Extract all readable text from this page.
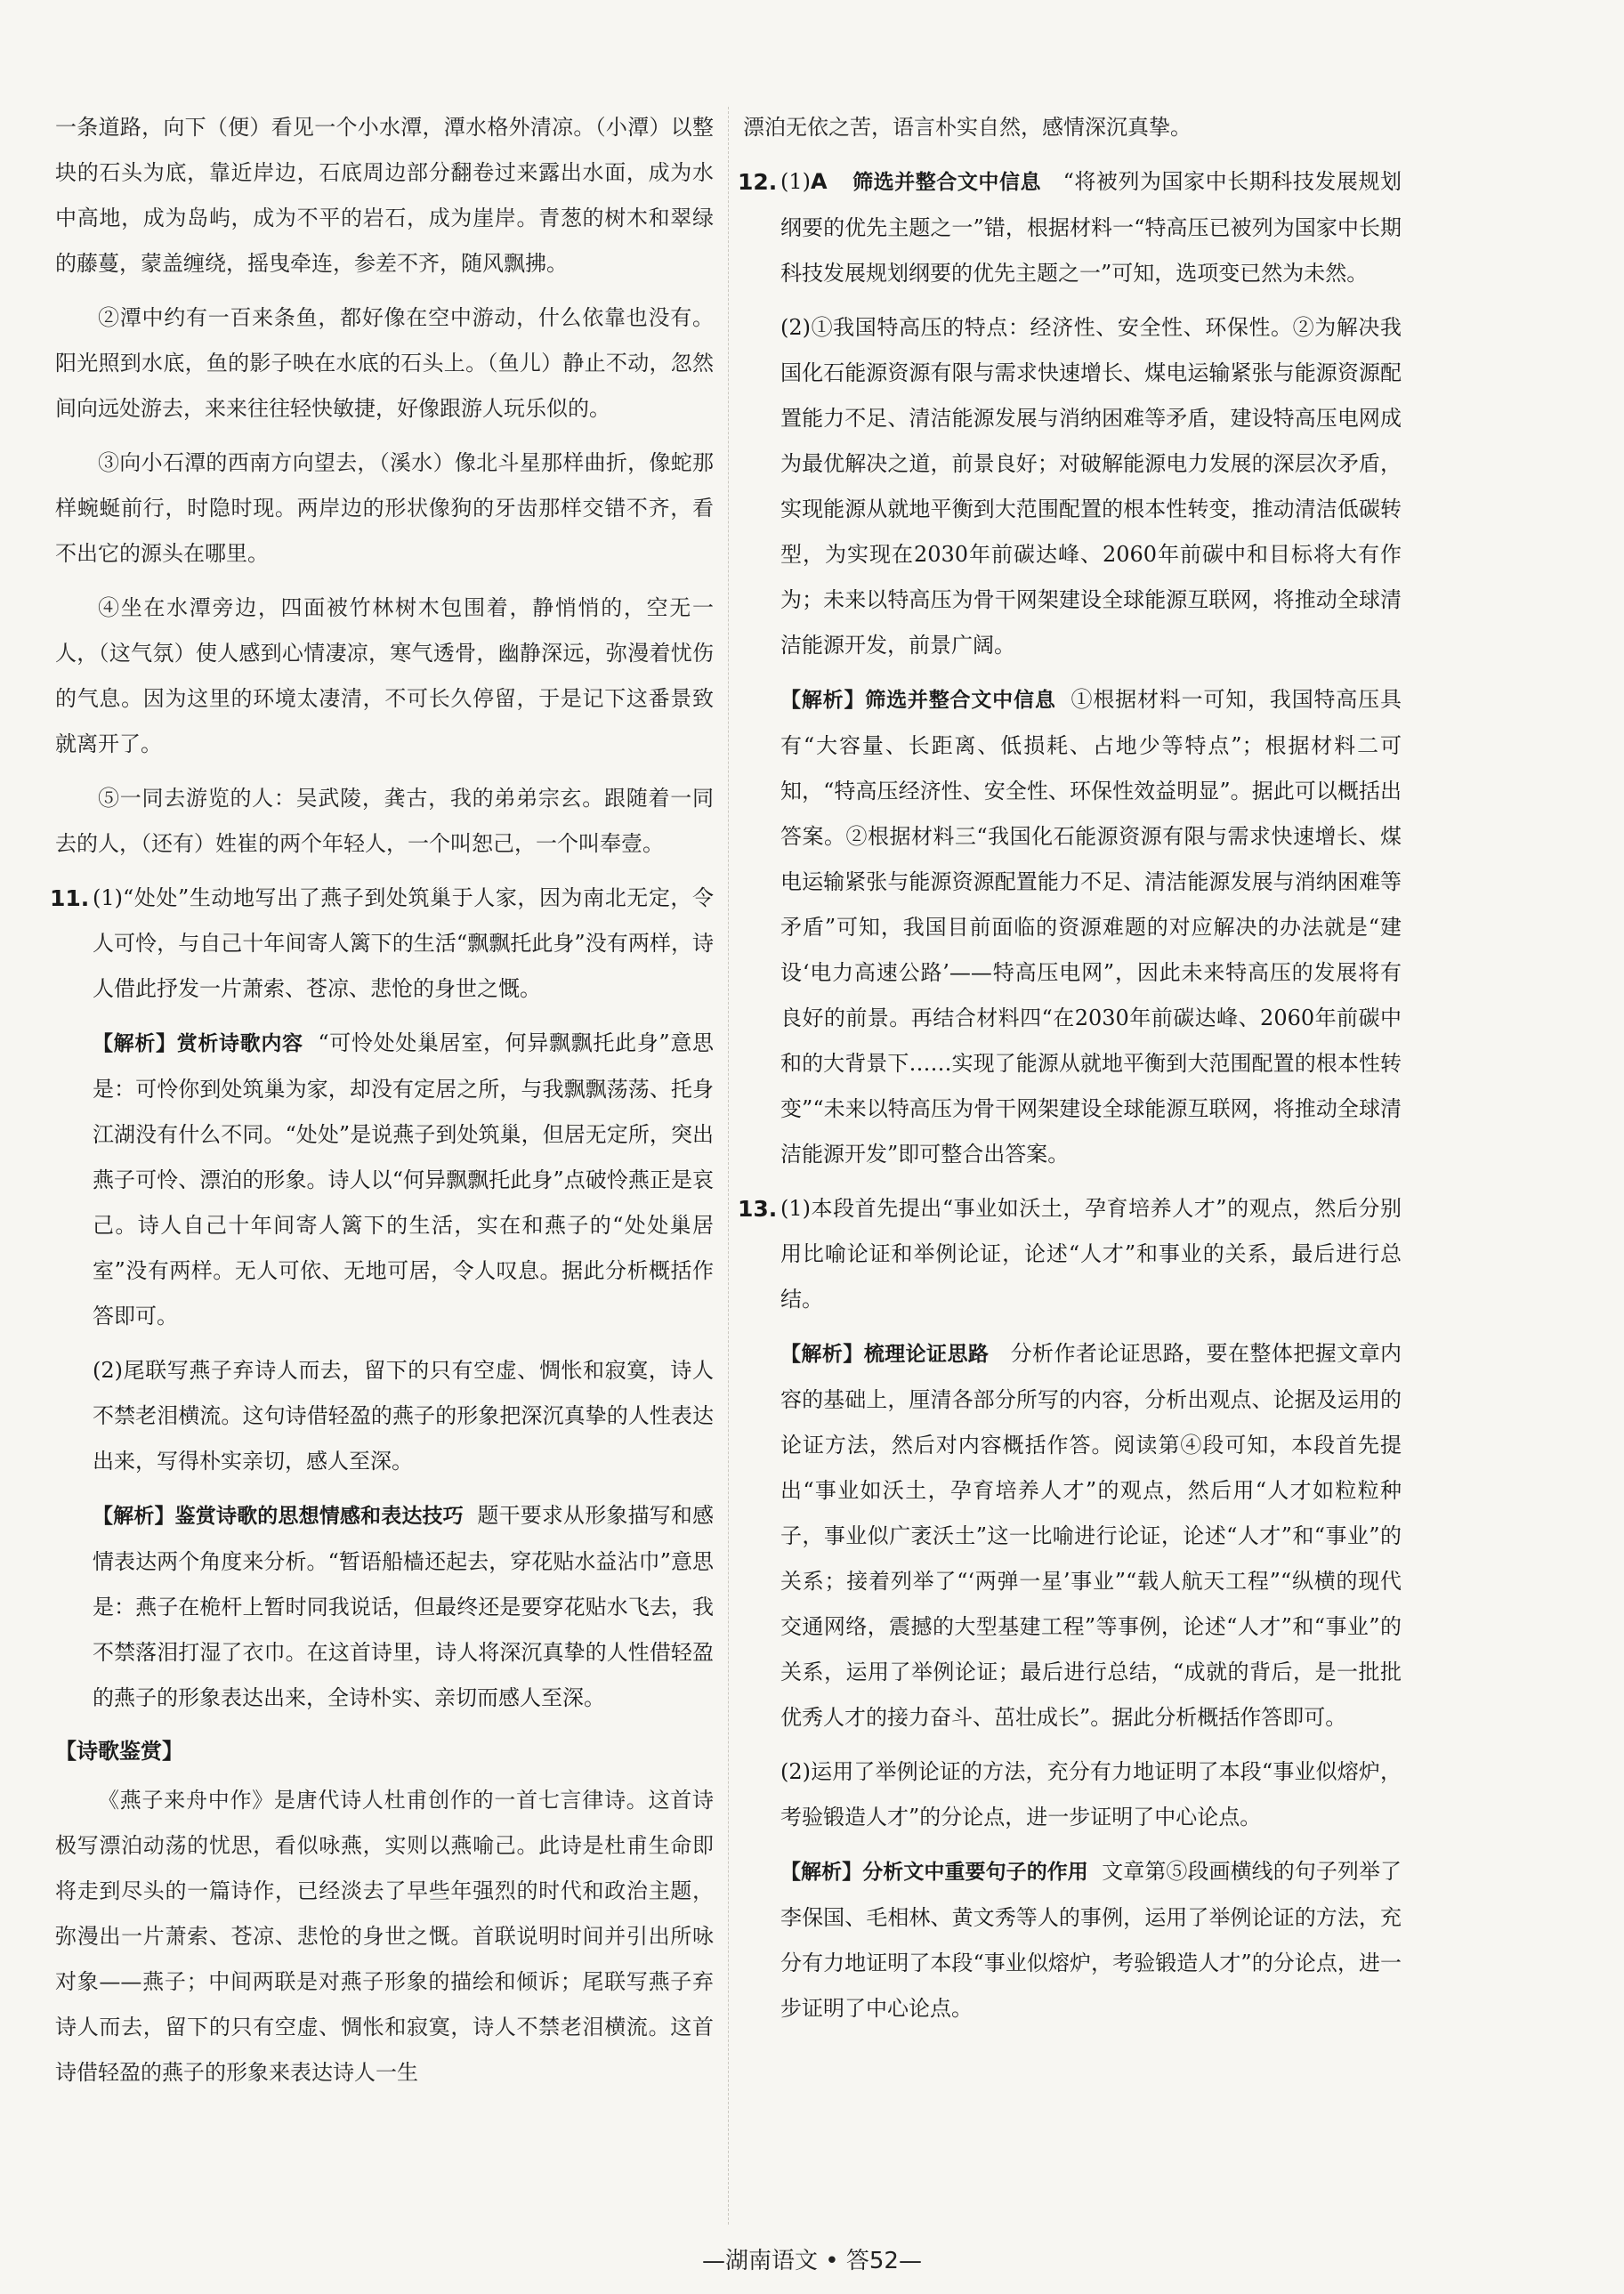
一条道路，向下（便）看见一个小水潭，潭水格外清凉。（小潭）以整块的石头为底，靠近岸边，石底周边部分翻卷过来露出水面，成为水中高地，成为岛屿，成为不平的岩石，成为崖岸。青葱的树木和翠绿的藤蔓，蒙盖缠绕，摇曳牵连，参差不齐，随风飘拂。

②潭中约有一百来条鱼，都好像在空中游动，什么依靠也没有。阳光照到水底，鱼的影子映在水底的石头上。（鱼儿）静止不动，忽然间向远处游去，来来往往轻快敏捷，好像跟游人玩乐似的。

③向小石潭的西南方向望去，（溪水）像北斗星那样曲折，像蛇那样蜿蜒前行，时隐时现。两岸边的形状像狗的牙齿那样交错不齐，看不出它的源头在哪里。

④坐在水潭旁边，四面被竹林树木包围着，静悄悄的，空无一人，（这气氛）使人感到心情凄凉，寒气透骨，幽静深远，弥漫着忧伤的气息。因为这里的环境太凄清，不可长久停留，于是记下这番景致就离开了。

⑤一同去游览的人：吴武陵，龚古，我的弟弟宗玄。跟随着一同去的人，（还有）姓崔的两个年轻人，一个叫恕己，一个叫奉壹。

11. (1)“处处”生动地写出了燕子到处筑巢于人家，因为南北无定，令人可怜，与自己十年间寄人篱下的生活“飘飘托此身”没有两样，诗人借此抒发一片萧索、苍凉、悲怆的身世之慨。

【解析】赏析诗歌内容 “可怜处处巢居室，何异飘飘托此身”意思是：可怜你到处筑巢为家，却没有定居之所，与我飘飘荡荡、托身江湖没有什么不同。“处处”是说燕子到处筑巢，但居无定所，突出燕子可怜、漂泊的形象。诗人以“何异飘飘托此身”点破怜燕正是哀己。诗人自己十年间寄人篱下的生活，实在和燕子的“处处巢居室”没有两样。无人可依、无地可居，令人叹息。据此分析概括作答即可。

(2)尾联写燕子弃诗人而去，留下的只有空虚、惆怅和寂寞，诗人不禁老泪横流。这句诗借轻盈的燕子的形象把深沉真挚的人性表达出来，写得朴实亲切，感人至深。

【解析】鉴赏诗歌的思想情感和表达技巧 题干要求从形象描写和感情表达两个角度来分析。“暂语船樯还起去，穿花贴水益沾巾”意思是：燕子在桅杆上暂时同我说话，但最终还是要穿花贴水飞去，我不禁落泪打湿了衣巾。在这首诗里，诗人将深沉真挚的人性借轻盈的燕子的形象表达出来，全诗朴实、亲切而感人至深。

【诗歌鉴赏】

《燕子来舟中作》是唐代诗人杜甫创作的一首七言律诗。这首诗极写漂泊动荡的忧思，看似咏燕，实则以燕喻己。此诗是杜甫生命即将走到尽头的一篇诗作，已经淡去了早些年强烈的时代和政治主题，弥漫出一片萧索、苍凉、悲怆的身世之慨。首联说明时间并引出所咏对象——燕子；中间两联是对燕子形象的描绘和倾诉；尾联写燕子弃诗人而去，留下的只有空虚、惆怅和寂寞，诗人不禁老泪横流。这首诗借轻盈的燕子的形象来表达诗人一生

漂泊无依之苦，语言朴实自然，感情深沉真挚。

12. (1)A 筛选并整合文中信息 “将被列为国家中长期科技发展规划纲要的优先主题之一”错，根据材料一“特高压已被列为国家中长期科技发展规划纲要的优先主题之一”可知，选项变已然为未然。

(2)①我国特高压的特点：经济性、安全性、环保性。②为解决我国化石能源资源有限与需求快速增长、煤电运输紧张与能源资源配置能力不足、清洁能源发展与消纳困难等矛盾，建设特高压电网成为最优解决之道，前景良好；对破解能源电力发展的深层次矛盾，实现能源从就地平衡到大范围配置的根本性转变，推动清洁低碳转型，为实现在2030年前碳达峰、2060年前碳中和目标将大有作为；未来以特高压为骨干网架建设全球能源互联网，将推动全球清洁能源开发，前景广阔。

【解析】筛选并整合文中信息 ①根据材料一可知，我国特高压具有“大容量、长距离、低损耗、占地少等特点”；根据材料二可知，“特高压经济性、安全性、环保性效益明显”。据此可以概括出答案。②根据材料三“我国化石能源资源有限与需求快速增长、煤电运输紧张与能源资源配置能力不足、清洁能源发展与消纳困难等矛盾”可知，我国目前面临的资源难题的对应解决的办法就是“建设‘电力高速公路’——特高压电网”，因此未来特高压的发展将有良好的前景。再结合材料四“在2030年前碳达峰、2060年前碳中和的大背景下……实现了能源从就地平衡到大范围配置的根本性转变”“未来以特高压为骨干网架建设全球能源互联网，将推动全球清洁能源开发”即可整合出答案。

13. (1)本段首先提出“事业如沃土，孕育培养人才”的观点，然后分别用比喻论证和举例论证，论述“人才”和事业的关系，最后进行总结。

【解析】梳理论证思路 分析作者论证思路，要在整体把握文章内容的基础上，厘清各部分所写的内容，分析出观点、论据及运用的论证方法，然后对内容概括作答。阅读第④段可知，本段首先提出“事业如沃土，孕育培养人才”的观点，然后用“人才如粒粒种子，事业似广袤沃土”这一比喻进行论证，论述“人才”和“事业”的关系；接着列举了“‘两弹一星’事业”“载人航天工程”“纵横的现代交通网络，震撼的大型基建工程”等事例，论述“人才”和“事业”的关系，运用了举例论证；最后进行总结，“成就的背后，是一批批优秀人才的接力奋斗、茁壮成长”。据此分析概括作答即可。

(2)运用了举例论证的方法，充分有力地证明了本段“事业似熔炉，考验锻造人才”的分论点，进一步证明了中心论点。

【解析】分析文中重要句子的作用 文章第⑤段画横线的句子列举了李保国、毛相林、黄文秀等人的事例，运用了举例论证的方法，充分有力地证明了本段“事业似熔炉，考验锻造人才”的分论点，进一步证明了中心论点。

—湖南语文 • 答52—
